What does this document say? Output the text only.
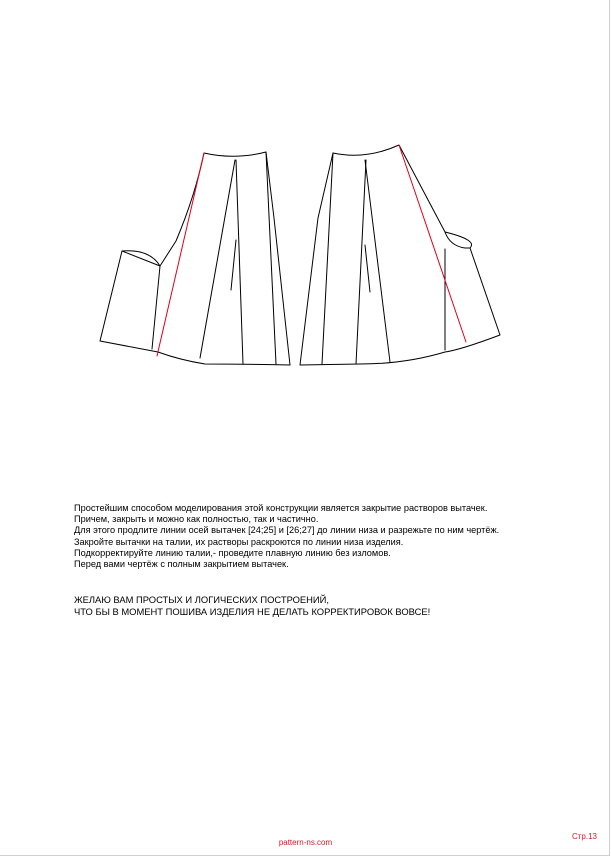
Простейшим способом моделирования этой конструкции является закрытие растворов вытачек.
Причем, закрыть и можно как полностью, так и частично.
Для этого продлите линии осей вытачек [24;25] и [26;27] до линии низа и разрежьте по ним чертёж.
Закройте вытачки на талии, их растворы раскроются по линии низа изделия.
Подкорректируйте линию талии,- проведите плавную линию без изломов.
Перед вами чертёж с полным закрытием вытачек.
ЖЕЛАЮ ВАМ ПРОСТЫХ И ЛОГИЧЕСКИХ ПОСТРОЕНИЙ,
ЧТО БЫ В МОМЕНТ ПОШИВА ИЗДЕЛИЯ НЕ ДЕЛАТЬ КОРРЕКТИРОВОК ВОВСЕ!
pattern-ns.com
Стр.13
